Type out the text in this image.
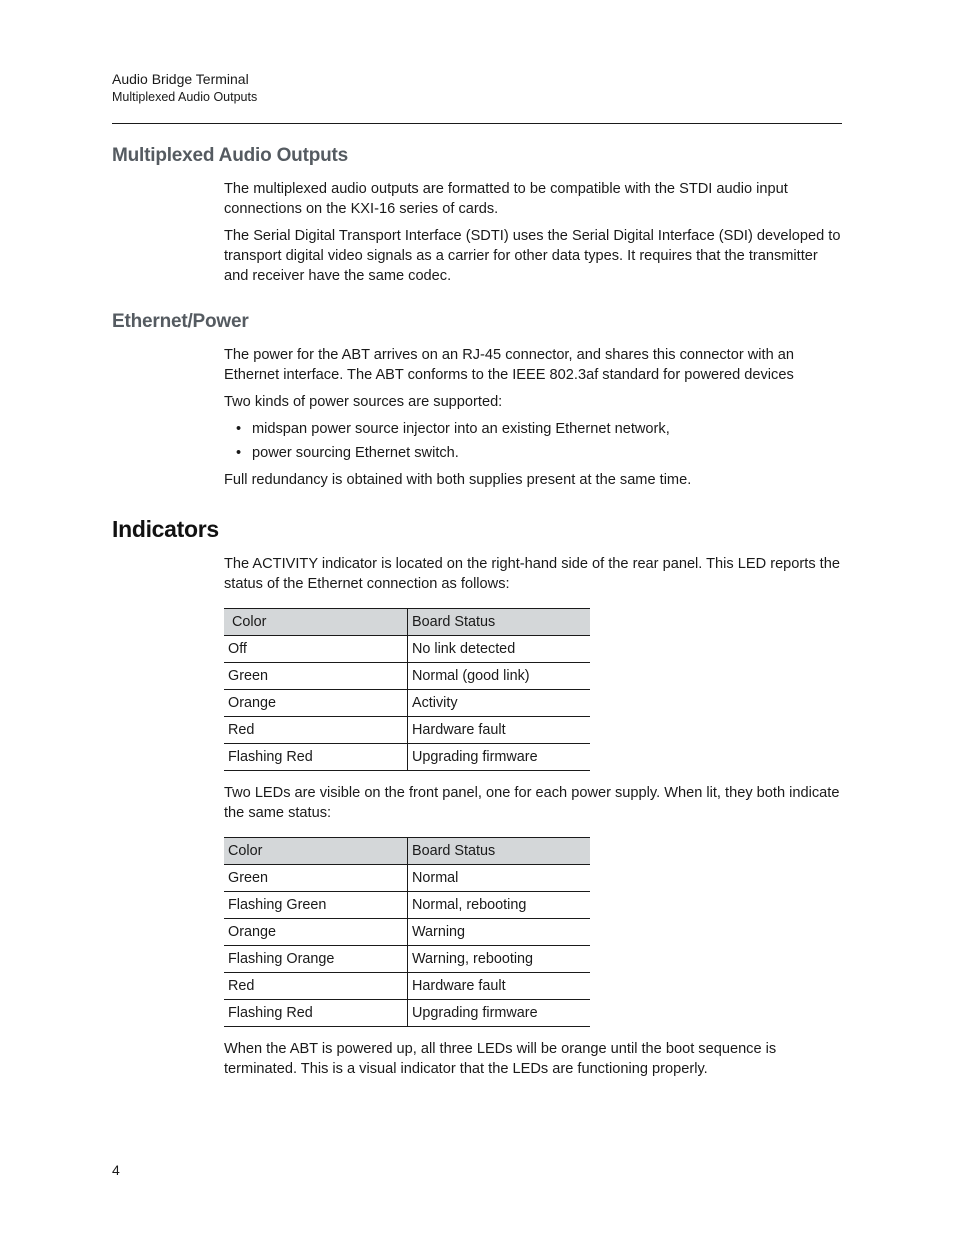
Audio Bridge Terminal
Multiplexed Audio Outputs
Multiplexed Audio Outputs

The multiplexed audio outputs are formatted to be compatible with the STDI audio input connections on the KXI-16 series of cards.

The Serial Digital Transport Interface (SDTI) uses the Serial Digital Interface (SDI) developed to transport digital video signals as a carrier for other data types. It requires that the transmitter and receiver have the same codec.

Ethernet/Power

The power for the ABT arrives on an RJ-45 connector, and shares this connector with an Ethernet interface. The ABT conforms to the IEEE 802.3af standard for powered devices

Two kinds of power sources are supported:

• midspan power source injector into an existing Ethernet network,
• power sourcing Ethernet switch.

Full redundancy is obtained with both supplies present at the same time.

Indicators

The ACTIVITY indicator is located on the right-hand side of the rear panel. This LED reports the status of the Ethernet connection as follows:

Color	Board Status
Off	No link detected
Green	Normal (good link)
Orange	Activity
Red	Hardware fault
Flashing Red	Upgrading firmware

Two LEDs are visible on the front panel, one for each power supply. When lit, they both indicate the same status:

Color	Board Status
Green	Normal
Flashing Green	Normal, rebooting
Orange	Warning
Flashing Orange	Warning, rebooting
Red	Hardware fault
Flashing Red	Upgrading firmware

When the ABT is powered up, all three LEDs will be orange until the boot sequence is terminated. This is a visual indicator that the LEDs are functioning properly.

4
